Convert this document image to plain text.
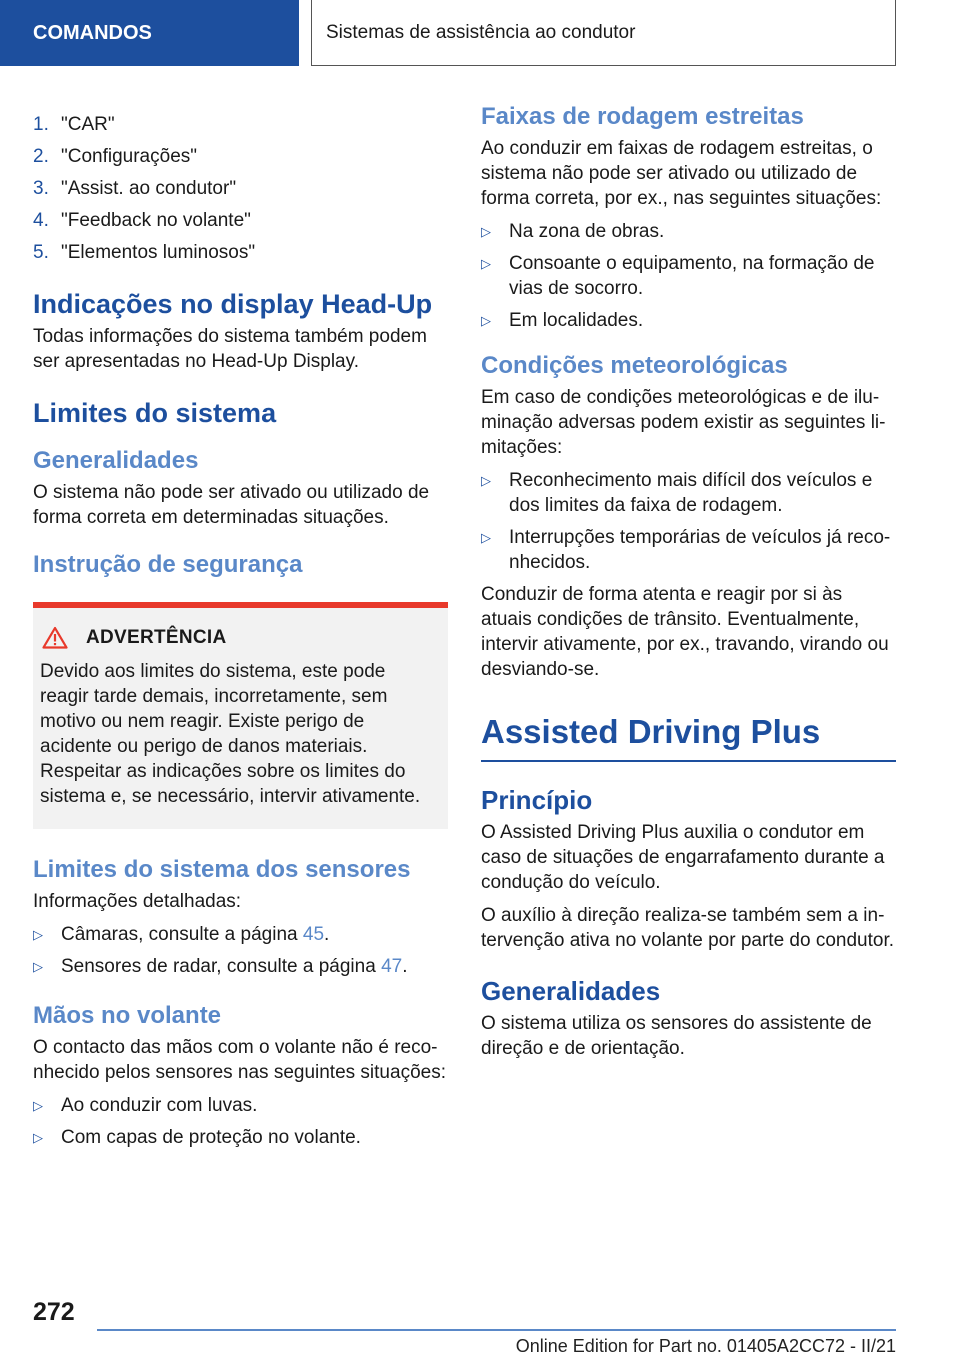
COMANDOS	Sistemas de assistência ao condutor
1. "CAR"
2. "Configurações"
3. "Assist. ao condutor"
4. "Feedback no volante"
5. "Elementos luminosos"
Indicações no display Head-Up

Todas informações do sistema também podem ser apresentadas no Head-Up Display.

Limites do sistema
Generalidades

O sistema não pode ser ativado ou utilizado de forma correta em determinadas situações.

Instrução de segurança
ADVERTÊNCIA

Devido aos limites do sistema, este pode reagir tarde demais, incorretamente, sem motivo ou nem reagir. Existe perigo de acidente ou perigo de danos materiais. Respeitar as indicações sobre os limites do sistema e, se necessário, intervir ativamente.

Limites do sistema dos sensores

Informações detalhadas:

▷ Câmaras, consulte a página 45.
▷ Sensores de radar, consulte a página 47.
Mãos no volante

O contacto das mãos com o volante não é reconhecido pelos sensores nas seguintes situações:

▷ Ao conduzir com luvas.
▷ Com capas de proteção no volante.
Faixas de rodagem estreitas

Ao conduzir em faixas de rodagem estreitas, o sistema não pode ser ativado ou utilizado de forma correta, por ex., nas seguintes situações:

▷ Na zona de obras.
▷ Consoante o equipamento, na formação de vias de socorro.
▷ Em localidades.
Condições meteorológicas

Em caso de condições meteorológicas e de iluminação adversas podem existir as seguintes limitações:

▷ Reconhecimento mais difícil dos veículos e dos limites da faixa de rodagem.
▷ Interrupções temporárias de veículos já reconhecidos.

Conduzir de forma atenta e reagir por si às atuais condições de trânsito. Eventualmente, intervir ativamente, por ex., travando, virando ou desviando-se.

Assisted Driving Plus
Princípio

O Assisted Driving Plus auxilia o condutor em caso de situações de engarrafamento durante a condução do veículo.

O auxílio à direção realiza-se também sem a intervenção ativa no volante por parte do condutor.

Generalidades

O sistema utiliza os sensores do assistente de direção e de orientação.

272
Online Edition for Part no. 01405A2CC72 - II/21
